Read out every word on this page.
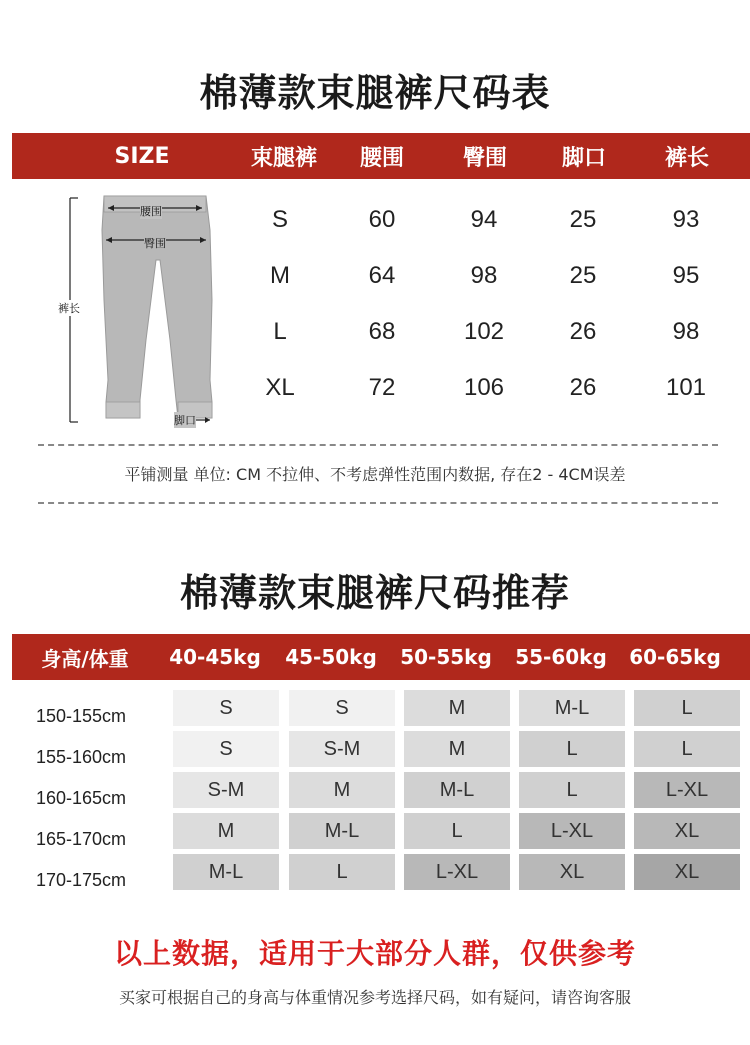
棉薄款束腿裤尺码表
SIZE	束腿裤	腰围	臀围	脚口	裤长
腰围
臀围
裤长
脚口
S	60	94	25	93
M	64	98	25	95
L	68	102	26	98
XL	72	106	26	101
平铺测量 单位: CM 不拉伸、不考虑弹性范围内数据, 存在2 - 4CM误差
棉薄款束腿裤尺码推荐
身高/体重	40-45kg	45-50kg	50-55kg	55-60kg	60-65kg
以上数据，适用于大部分人群，仅供参考
买家可根据自己的身高与体重情况参考选择尺码，如有疑问，请咨询客服
150-155cm	S	S	M	M-L	L
155-160cm	S	S-M	M	L	L
160-165cm	S-M	M	M-L	L	L-XL
165-170cm	M	M-L	L	L-XL	XL
170-175cm	M-L	L	L-XL	XL	XL
